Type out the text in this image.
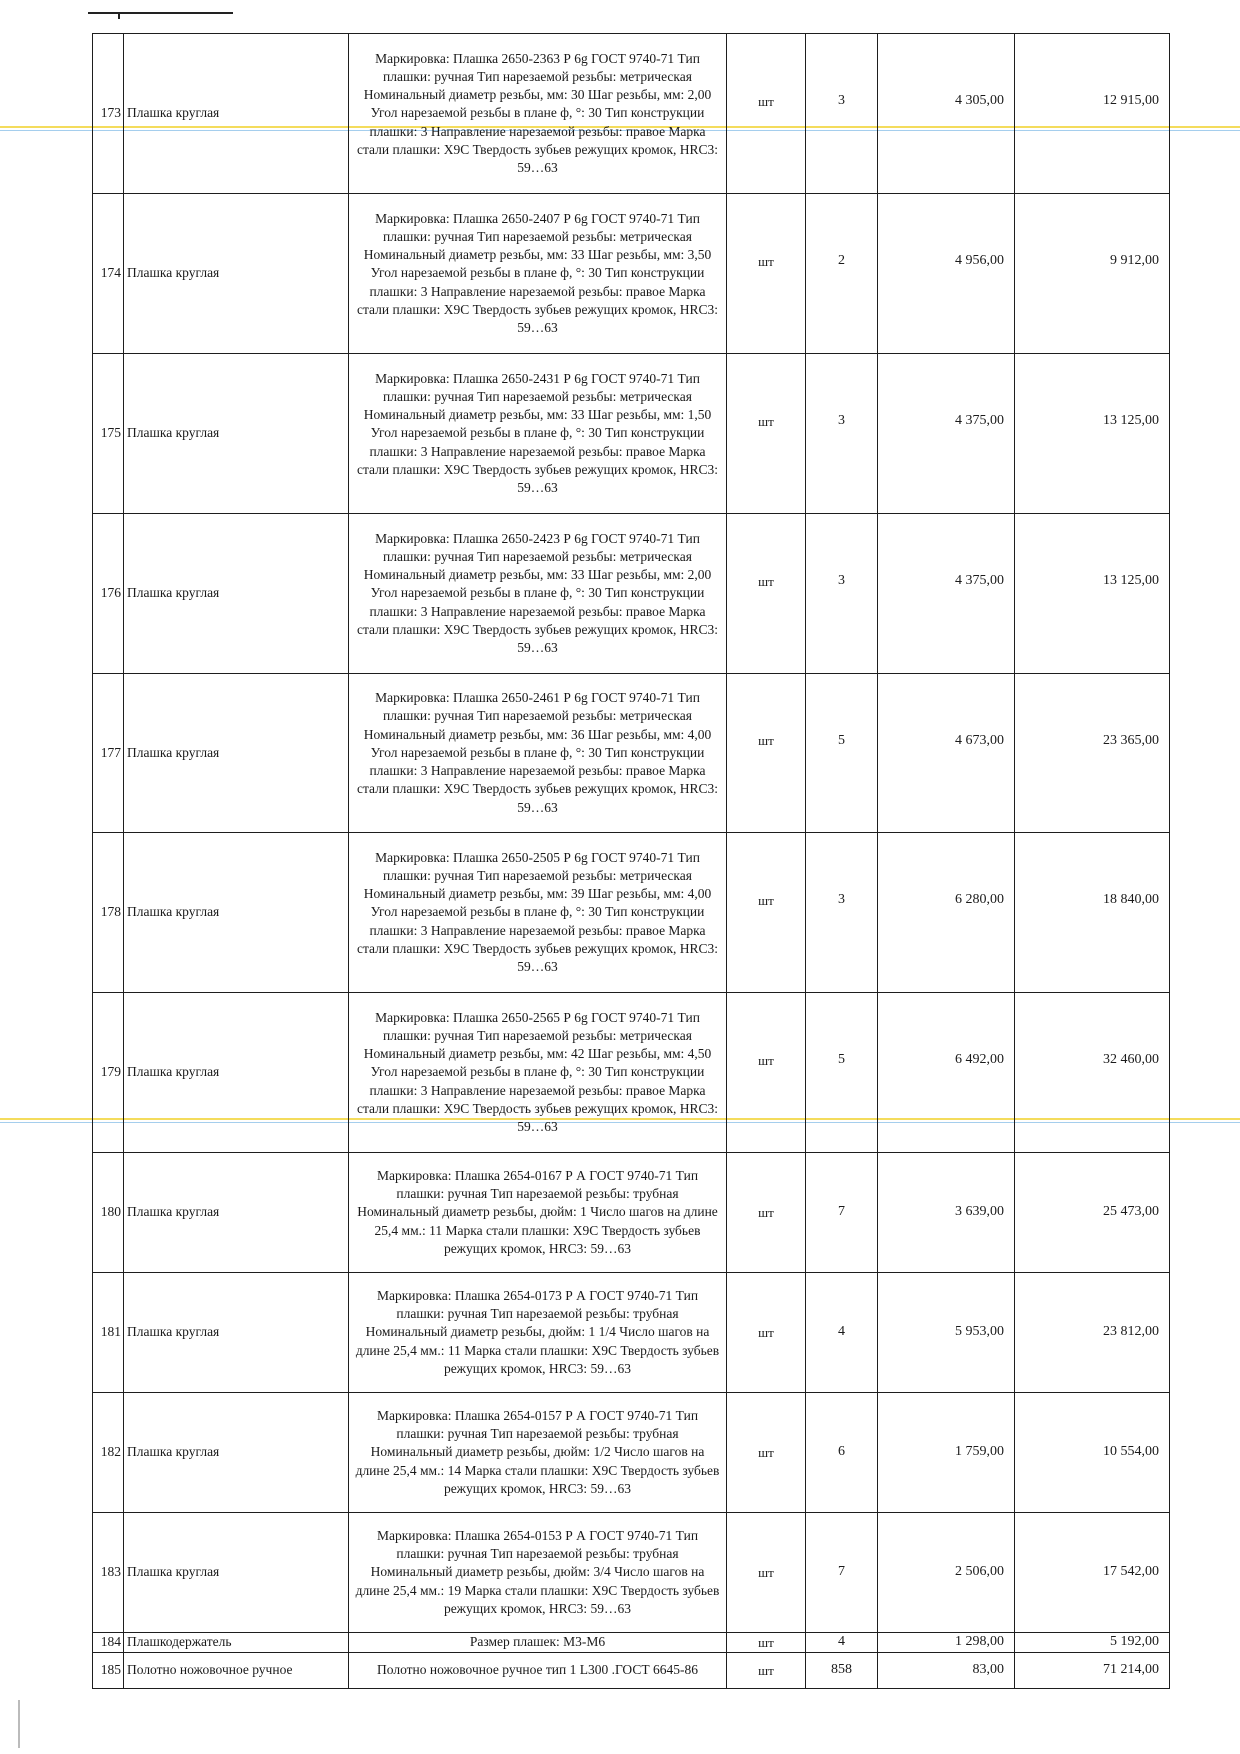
173	Плашка круглая	Маркировка: Плашка 2650-2363 Р 6g ГОСТ 9740-71 Тип плашки: ручная Тип нарезаемой резьбы: метрическая Номинальный диаметр резьбы, мм: 30 Шаг резьбы, мм: 2,00 Угол нарезаемой резьбы в плане ф, °: 30 Тип конструкции плашки: 3 Направление нарезаемой резьбы: правое Марка стали плашки: Х9С Твердость зубьев режущих кромок, HRC3: 59…63	шт	3	4 305,00	12 915,00
174	Плашка круглая	Маркировка: Плашка 2650-2407 Р 6g ГОСТ 9740-71 Тип плашки: ручная Тип нарезаемой резьбы: метрическая Номинальный диаметр резьбы, мм: 33 Шаг резьбы, мм: 3,50 Угол нарезаемой резьбы в плане ф, °: 30 Тип конструкции плашки: 3 Направление нарезаемой резьбы: правое Марка стали плашки: Х9С Твердость зубьев режущих кромок, HRC3: 59…63	шт	2	4 956,00	9 912,00
175	Плашка круглая	Маркировка: Плашка 2650-2431 Р 6g ГОСТ 9740-71 Тип плашки: ручная Тип нарезаемой резьбы: метрическая Номинальный диаметр резьбы, мм: 33 Шаг резьбы, мм: 1,50 Угол нарезаемой резьбы в плане ф, °: 30 Тип конструкции плашки: 3 Направление нарезаемой резьбы: правое Марка стали плашки: Х9С Твердость зубьев режущих кромок, HRC3: 59…63	шт	3	4 375,00	13 125,00
176	Плашка круглая	Маркировка: Плашка 2650-2423 Р 6g ГОСТ 9740-71 Тип плашки: ручная Тип нарезаемой резьбы: метрическая Номинальный диаметр резьбы, мм: 33 Шаг резьбы, мм: 2,00 Угол нарезаемой резьбы в плане ф, °: 30 Тип конструкции плашки: 3 Направление нарезаемой резьбы: правое Марка стали плашки: Х9С Твердость зубьев режущих кромок, HRC3: 59…63	шт	3	4 375,00	13 125,00
177	Плашка круглая	Маркировка: Плашка 2650-2461 Р 6g ГОСТ 9740-71 Тип плашки: ручная Тип нарезаемой резьбы: метрическая Номинальный диаметр резьбы, мм: 36 Шаг резьбы, мм: 4,00 Угол нарезаемой резьбы в плане ф, °: 30 Тип конструкции плашки: 3 Направление нарезаемой резьбы: правое Марка стали плашки: Х9С Твердость зубьев режущих кромок, HRC3: 59…63	шт	5	4 673,00	23 365,00
178	Плашка круглая	Маркировка: Плашка 2650-2505 Р 6g ГОСТ 9740-71 Тип плашки: ручная Тип нарезаемой резьбы: метрическая Номинальный диаметр резьбы, мм: 39 Шаг резьбы, мм: 4,00 Угол нарезаемой резьбы в плане ф, °: 30 Тип конструкции плашки: 3 Направление нарезаемой резьбы: правое Марка стали плашки: Х9С Твердость зубьев режущих кромок, HRC3: 59…63	шт	3	6 280,00	18 840,00
179	Плашка круглая	Маркировка: Плашка 2650-2565 Р 6g ГОСТ 9740-71 Тип плашки: ручная Тип нарезаемой резьбы: метрическая Номинальный диаметр резьбы, мм: 42 Шаг резьбы, мм: 4,50 Угол нарезаемой резьбы в плане ф, °: 30 Тип конструкции плашки: 3 Направление нарезаемой резьбы: правое Марка стали плашки: Х9С Твердость зубьев режущих кромок, HRC3: 59…63	шт	5	6 492,00	32 460,00
180	Плашка круглая	Маркировка: Плашка 2654-0167 Р А ГОСТ 9740-71 Тип плашки: ручная Тип нарезаемой резьбы: трубная Номинальный диаметр резьбы, дюйм: 1 Число шагов на длине 25,4 мм.: 11 Марка стали плашки: Х9С Твердость зубьев режущих кромок, HRC3: 59…63	шт	7	3 639,00	25 473,00
181	Плашка круглая	Маркировка: Плашка 2654-0173 Р А ГОСТ 9740-71 Тип плашки: ручная Тип нарезаемой резьбы: трубная Номинальный диаметр резьбы, дюйм: 1 1/4 Число шагов на длине 25,4 мм.: 11 Марка стали плашки: Х9С Твердость зубьев режущих кромок, HRC3: 59…63	шт	4	5 953,00	23 812,00
182	Плашка круглая	Маркировка: Плашка 2654-0157 Р А ГОСТ 9740-71 Тип плашки: ручная Тип нарезаемой резьбы: трубная Номинальный диаметр резьбы, дюйм: 1/2 Число шагов на длине 25,4 мм.: 14 Марка стали плашки: Х9С Твердость зубьев режущих кромок, HRC3: 59…63	шт	6	1 759,00	10 554,00
183	Плашка круглая	Маркировка: Плашка 2654-0153 Р А ГОСТ 9740-71 Тип плашки: ручная Тип нарезаемой резьбы: трубная Номинальный диаметр резьбы, дюйм: 3/4 Число шагов на длине 25,4 мм.: 19 Марка стали плашки: Х9С Твердость зубьев режущих кромок, HRC3: 59…63	шт	7	2 506,00	17 542,00
184	Плашкодержатель	Размер плашек: М3-М6	шт	4	1 298,00	5 192,00
185	Полотно ножовочное ручное	Полотно ножовочное ручное тип 1 L300 .ГОСТ 6645-86	шт	858	83,00	71 214,00
